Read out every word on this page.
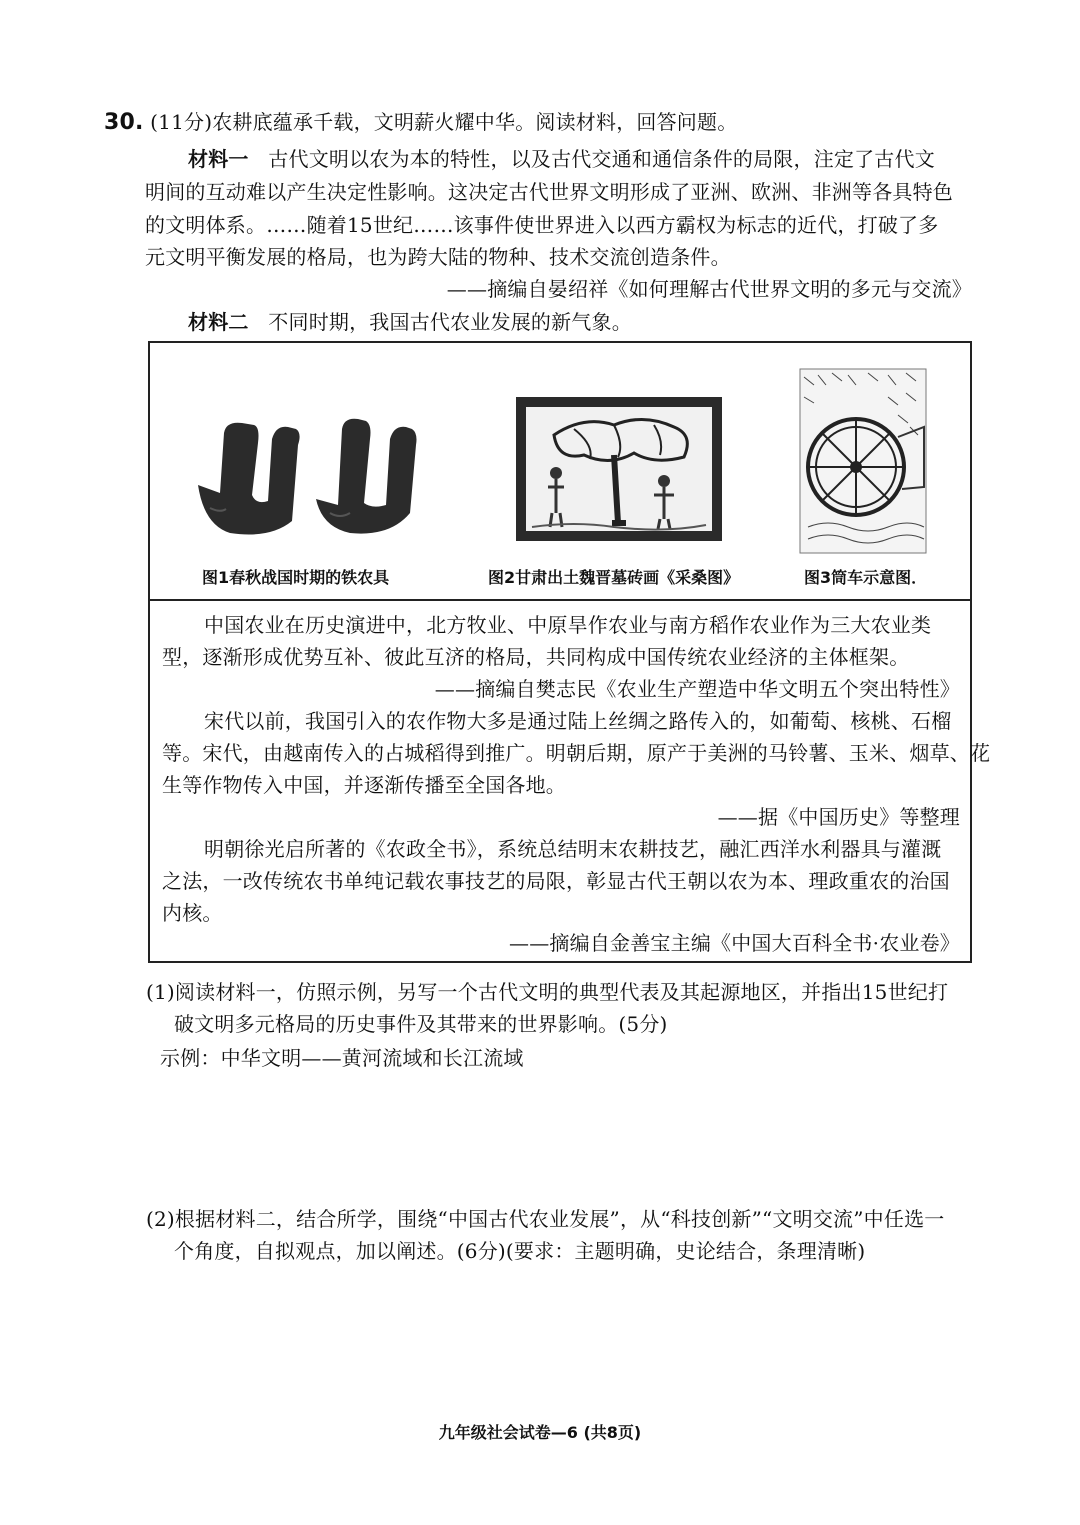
30. (11分)农耕底蕴承千载，文明薪火耀中华。阅读材料，回答问题。
材料一 古代文明以农为本的特性，以及古代交通和通信条件的局限，注定了古代文
明间的互动难以产生决定性影响。这决定古代世界文明形成了亚洲、欧洲、非洲等各具特色
的文明体系。……随着15世纪……该事件使世界进入以西方霸权为标志的近代，打破了多
元文明平衡发展的格局，也为跨大陆的物种、技术交流创造条件。
——摘编自晏绍祥《如何理解古代世界文明的多元与交流》
材料二 不同时期，我国古代农业发展的新气象。
图1春秋战国时期的铁农具	图2甘肃出土魏晋墓砖画《采桑图》	图3筒车示意图．
中国农业在历史演进中，北方牧业、中原旱作农业与南方稻作农业作为三大农业类
型，逐渐形成优势互补、彼此互济的格局，共同构成中国传统农业经济的主体框架。
——摘编自樊志民《农业生产塑造中华文明五个突出特性》
宋代以前，我国引入的农作物大多是通过陆上丝绸之路传入的，如葡萄、核桃、石榴
等。宋代，由越南传入的占城稻得到推广。明朝后期，原产于美洲的马铃薯、玉米、烟草、花
生等作物传入中国，并逐渐传播至全国各地。
——据《中国历史》等整理
明朝徐光启所著的《农政全书》，系统总结明末农耕技艺，融汇西洋水利器具与灌溉
之法，一改传统农书单纯记载农事技艺的局限，彰显古代王朝以农为本、理政重农的治国
内核。
——摘编自金善宝主编《中国大百科全书·农业卷》
(1)阅读材料一，仿照示例，另写一个古代文明的典型代表及其起源地区，并指出15世纪打
破文明多元格局的历史事件及其带来的世界影响。(5分)
示例：中华文明——黄河流域和长江流域
(2)根据材料二，结合所学，围绕“中国古代农业发展”，从“科技创新”“文明交流”中任选一
个角度，自拟观点，加以阐述。(6分)(要求：主题明确，史论结合，条理清晰)
九年级社会试卷—6 (共8页)
